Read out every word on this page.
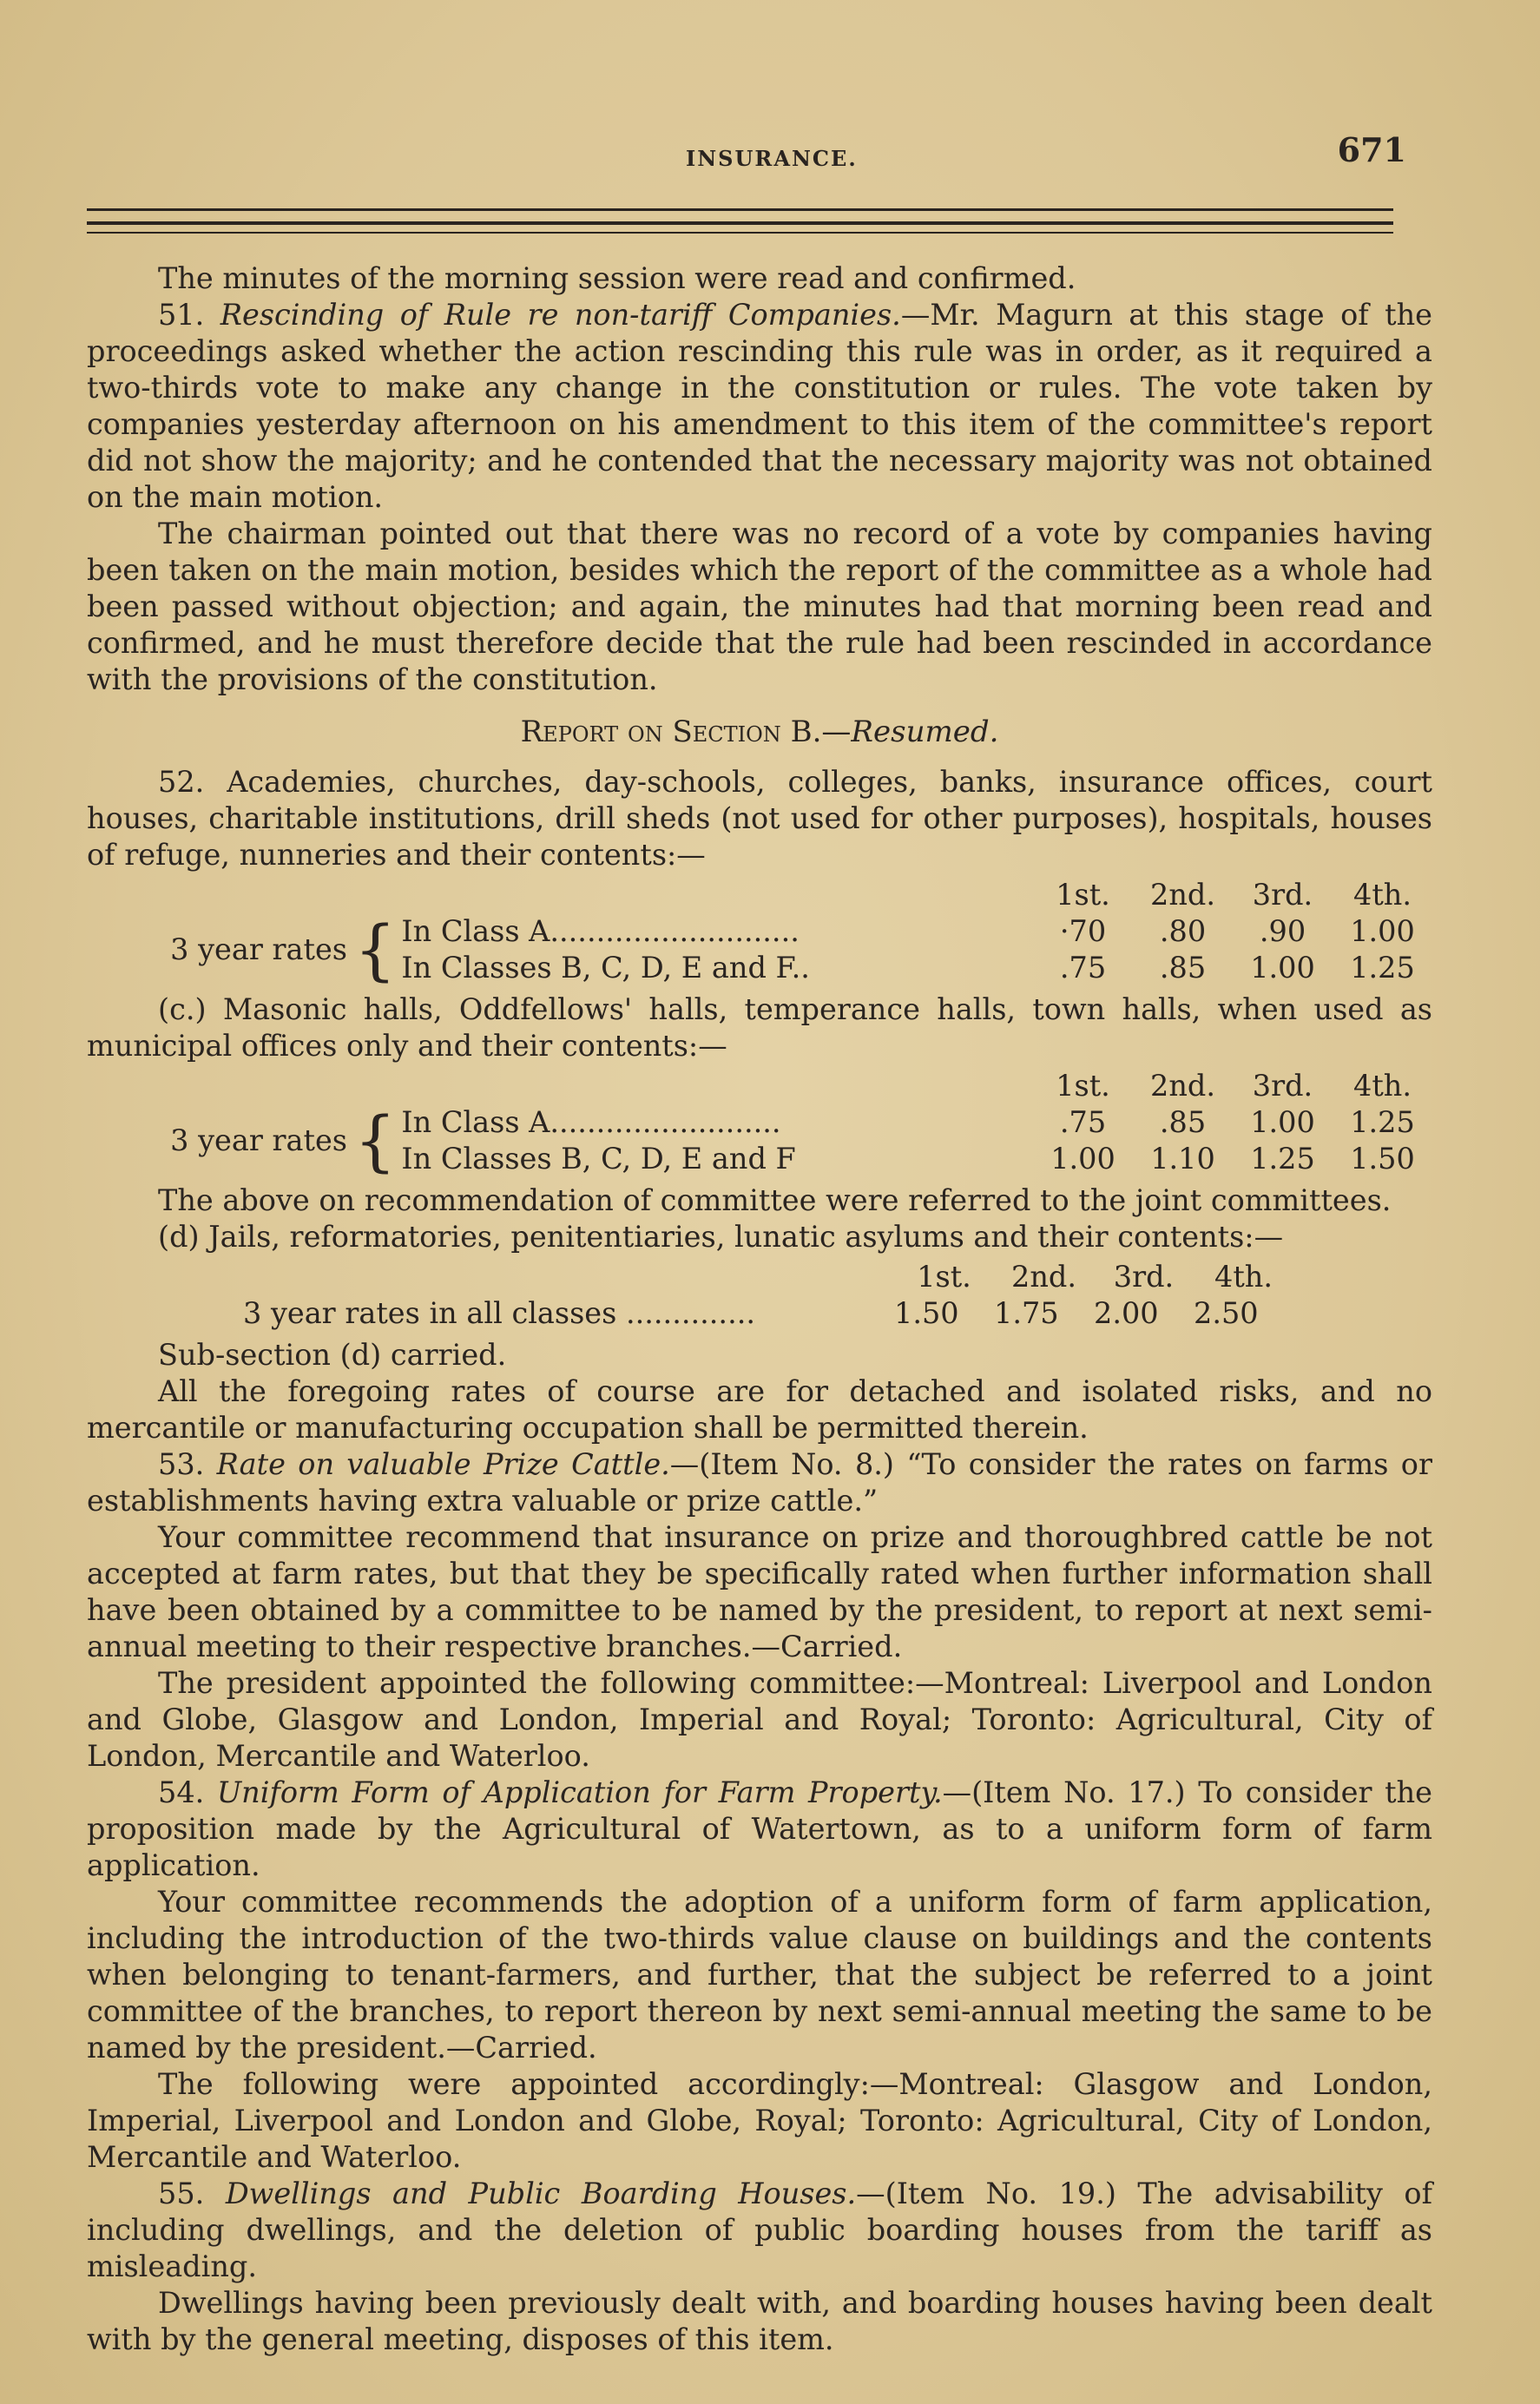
INSURANCE.	671

The minutes of the morning session were read and confirmed.

51. Rescinding of Rule re non-tariff Companies.—Mr. Magurn at this stage of the proceedings asked whether the action rescinding this rule was in order, as it required a two-thirds vote to make any change in the constitution or rules. The vote taken by companies yesterday afternoon on his amendment to this item of the committee's report did not show the majority; and he contended that the necessary majority was not obtained on the main motion.

The chairman pointed out that there was no record of a vote by companies having been taken on the main motion, besides which the report of the committee as a whole had been passed without objection; and again, the minutes had that morning been read and confirmed, and he must therefore decide that the rule had been rescinded in accordance with the provisions of the constitution.

Report on Section B.—Resumed.

52. Academies, churches, day-schools, colleges, banks, insurance offices, court houses, charitable institutions, drill sheds (not used for other purposes), hospitals, houses of refuge, nunneries and their contents:—

1st.	2nd.	3rd.	4th.
3 year rates { In Class A...........................	·70	.80	.90	1.00
In Classes B, C, D, E and F..	.75	.85	1.00	1.25

(c.) Masonic halls, Oddfellows' halls, temperance halls, town halls, when used as municipal offices only and their contents:—

1st.	2nd.	3rd.	4th.
3 year rates { In Class A.........................	.75	.85	1.00	1.25
In Classes B, C, D, E and F	1.00	1.10	1.25	1.50

The above on recommendation of committee were referred to the joint committees.

(d) Jails, reformatories, penitentiaries, lunatic asylums and their contents:—

1st.	2nd.	3rd.	4th.
3 year rates in all classes ..............	1.50	1.75	2.00	2.50

Sub-section (d) carried.

All the foregoing rates of course are for detached and isolated risks, and no mercantile or manufacturing occupation shall be permitted therein.

53. Rate on valuable Prize Cattle.—(Item No. 8.) “To consider the rates on farms or establishments having extra valuable or prize cattle.”

Your committee recommend that insurance on prize and thoroughbred cattle be not accepted at farm rates, but that they be specifically rated when further information shall have been obtained by a committee to be named by the president, to report at next semi-annual meeting to their respective branches.—Carried.

The president appointed the following committee:—Montreal: Liverpool and London and Globe, Glasgow and London, Imperial and Royal; Toronto: Agricultural, City of London, Mercantile and Waterloo.

54. Uniform Form of Application for Farm Property.—(Item No. 17.) To consider the proposition made by the Agricultural of Watertown, as to a uniform form of farm application.

Your committee recommends the adoption of a uniform form of farm application, including the introduction of the two-thirds value clause on buildings and the contents when belonging to tenant-farmers, and further, that the subject be referred to a joint committee of the branches, to report thereon by next semi-annual meeting the same to be named by the president.—Carried.

The following were appointed accordingly:—Montreal: Glasgow and London, Imperial, Liverpool and London and Globe, Royal; Toronto: Agricultural, City of London, Mercantile and Waterloo.

55. Dwellings and Public Boarding Houses.—(Item No. 19.) The advisability of including dwellings, and the deletion of public boarding houses from the tariff as misleading.

Dwellings having been previously dealt with, and boarding houses having been dealt with by the general meeting, disposes of this item.
